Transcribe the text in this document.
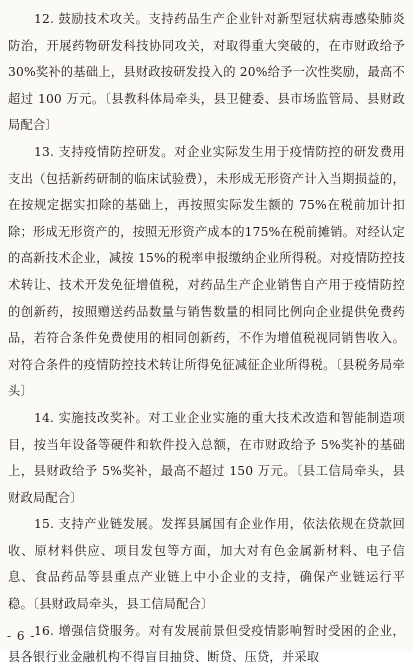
12. 鼓励技术攻关。支持药品生产企业针对新型冠状病毒感染肺炎防治，开展药物研发科技协同攻关，对取得重大突破的，在市财政给予 30%奖补的基础上，县财政按研发投入的 20%给予一次性奖励，最高不超过 100 万元。〔县教科体局牵头，县卫健委、县市场监管局、县财政局配合〕

13. 支持疫情防控研发。对企业实际发生用于疫情防控的研发费用支出（包括新药研制的临床试验费），未形成无形资产计入当期损益的，在按规定据实扣除的基础上，再按照实际发生额的 75%在税前加计扣除；形成无形资产的，按照无形资产成本的175%在税前摊销。对经认定的高新技术企业，减按 15%的税率申报缴纳企业所得税。对疫情防控技术转让、技术开发免征增值税，对药品生产企业销售自产用于疫情防控的创新药，按照赠送药品数量与销售数量的相同比例向企业提供免费药品，若符合条件免费使用的相同创新药，不作为增值税视同销售收入。对符合条件的疫情防控技术转让所得免征减征企业所得税。〔县税务局牵头〕

14. 实施技改奖补。对工业企业实施的重大技术改造和智能制造项目，按当年设备等硬件和软件投入总额，在市财政给予 5%奖补的基础上，县财政给予 5%奖补，最高不超过 150 万元。〔县工信局牵头，县财政局配合〕

15. 支持产业链发展。发挥县属国有企业作用，依法依规在贷款回收、原材料供应、项目发包等方面，加大对有色金属新材料、电子信息、食品药品等县重点产业链上中小企业的支持，确保产业链运行平稳。〔县财政局牵头，县工信局配合〕

16. 增强信贷服务。对有发展前景但受疫情影响暂时受困的企业，县各银行业金融机构不得盲目抽贷、断贷、压贷，并采取

- 6 -
